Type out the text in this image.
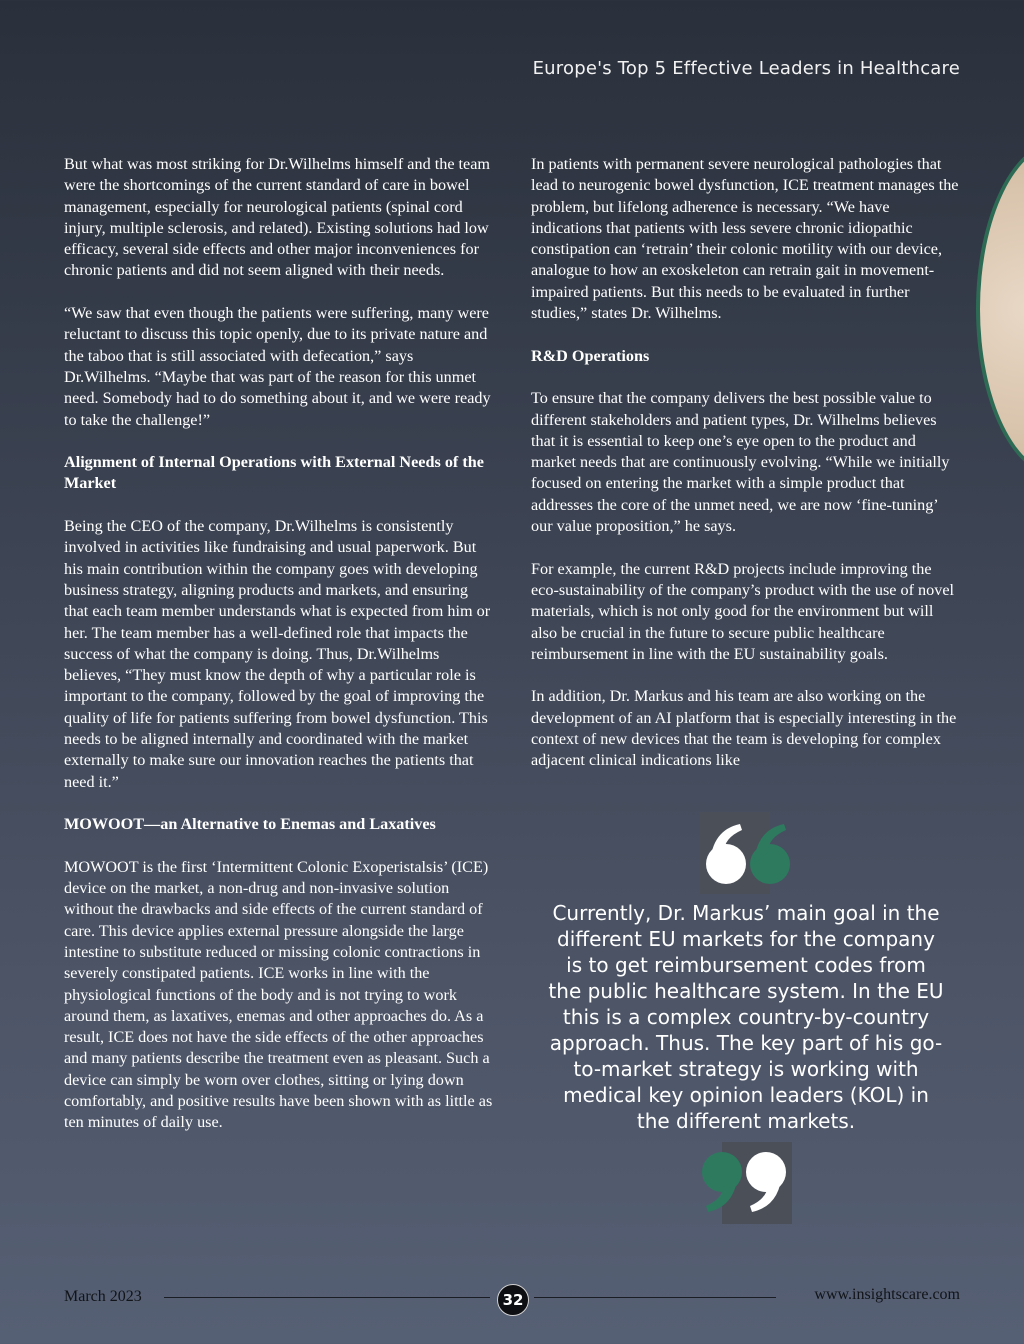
Europe's Top 5 Effective Leaders in Healthcare

But what was most striking for Dr.Wilhelms himself and the team were the shortcomings of the current standard of care in bowel management, especially for neurological patients (spinal cord injury, multiple sclerosis, and related). Existing solutions had low efficacy, several side effects and other major inconveniences for chronic patients and did not seem aligned with their needs.

“We saw that even though the patients were suffering, many were reluctant to discuss this topic openly, due to its private nature and the taboo that is still associated with defecation,” says Dr.Wilhelms. “Maybe that was part of the reason for this unmet need. Somebody had to do something about it, and we were ready to take the challenge!”

Alignment of Internal Operations with External Needs of the Market

Being the CEO of the company, Dr.Wilhelms is consistently involved in activities like fundraising and usual paperwork. But his main contribution within the company goes with developing business strategy, aligning products and markets, and ensuring that each team member understands what is expected from him or her. The team member has a well-defined role that impacts the success of what the company is doing. Thus, Dr.Wilhelms believes, “They must know the depth of why a particular role is important to the company, followed by the goal of improving the quality of life for patients suffering from bowel dysfunction. This needs to be aligned internally and coordinated with the market externally to make sure our innovation reaches the patients that need it.”

MOWOOT—an Alternative to Enemas and Laxatives

MOWOOT is the first ‘Intermittent Colonic Exoperistalsis’ (ICE) device on the market, a non-drug and non-invasive solution without the drawbacks and side effects of the current standard of care. This device applies external pressure alongside the large intestine to substitute reduced or missing colonic contractions in severely constipated patients. ICE works in line with the physiological functions of the body and is not trying to work around them, as laxatives, enemas and other approaches do. As a result, ICE does not have the side effects of the other approaches and many patients describe the treatment even as pleasant. Such a device can simply be worn over clothes, sitting or lying down comfortably, and positive results have been shown with as little as ten minutes of daily use.

In patients with permanent severe neurological pathologies that lead to neurogenic bowel dysfunction, ICE treatment manages the problem, but lifelong adherence is necessary. “We have indications that patients with less severe chronic idiopathic constipation can ‘retrain’ their colonic motility with our device, analogue to how an exoskeleton can retrain gait in movement-impaired patients. But this needs to be evaluated in further studies,” states Dr. Wilhelms.

R&D Operations

To ensure that the company delivers the best possible value to different stakeholders and patient types, Dr. Wilhelms believes that it is essential to keep one’s eye open to the product and market needs that are continuously evolving. “While we initially focused on entering the market with a simple product that addresses the core of the unmet need, we are now ‘fine-tuning’ our value proposition,” he says.

For example, the current R&D projects include improving the eco-sustainability of the company’s product with the use of novel materials, which is not only good for the environment but will also be crucial in the future to secure public healthcare reimbursement in line with the EU sustainability goals.

In addition, Dr. Markus and his team are also working on the development of an AI platform that is especially interesting in the context of new devices that the team is developing for complex adjacent clinical indications like

Currently, Dr. Markus’ main goal in the different EU markets for the company is to get reimbursement codes from the public healthcare system. In the EU this is a complex country-by-country approach. Thus. The key part of his go-to-market strategy is working with medical key opinion leaders (KOL) in the different markets.
March 2023	32	www.insightscare.com
